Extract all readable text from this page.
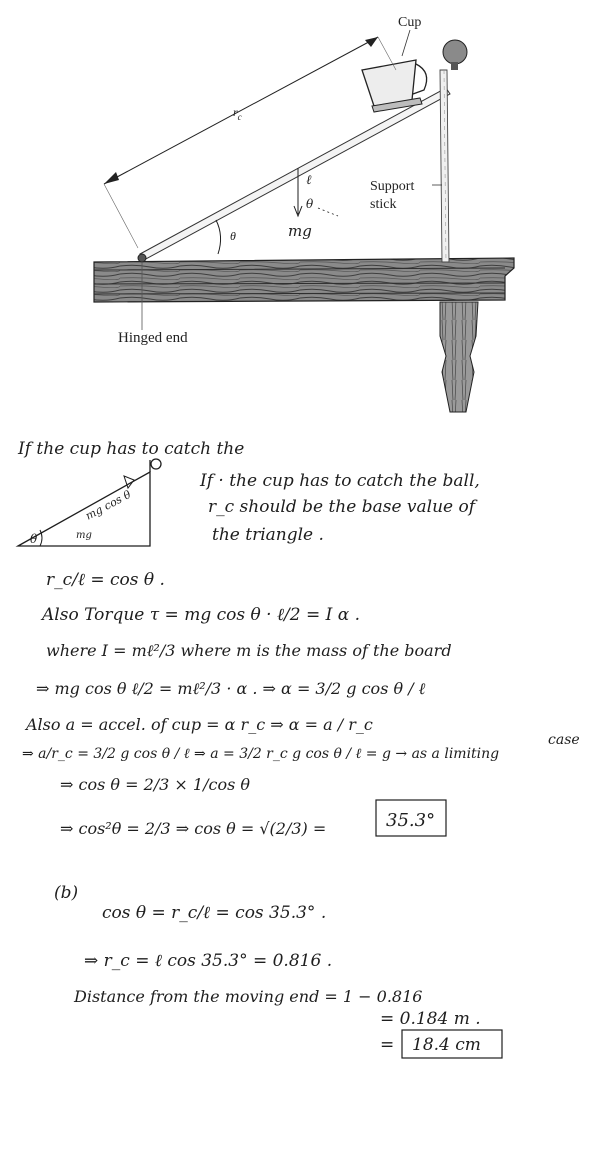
Cup
$r_c$
θ
ℓ
θ
mg
Support
stick
Hinged end
If the cup has to catch the
θ	mg
mg cos θ
If · the cup has to catch the ball,
r_c should be the base value of
the triangle .
r_c/ℓ = cos θ .
Also Torque τ = mg cos θ · ℓ/2 = I α .
where I = mℓ²/3 where m is the mass of the board
⇒ mg cos θ ℓ/2 = mℓ²/3 · α . ⇒ α = 3/2 g cos θ / ℓ
Also a = accel. of cup = α r_c ⇒ α = a / r_c
⇒ a/r_c = 3/2 g cos θ / ℓ ⇒ a = 3/2 r_c g cos θ / ℓ = g → as a limiting
case
⇒ cos θ = 2/3 × 1/cos θ
⇒ cos²θ = 2/3 ⇒ cos θ = √(2/3) =	35.3°
(b)
cos θ = r_c/ℓ = cos 35.3° .
⇒ r_c = ℓ cos 35.3° = 0.816 .
Distance from the moving end = 1 − 0.816
= 0.184 m .
= 18.4 cm
